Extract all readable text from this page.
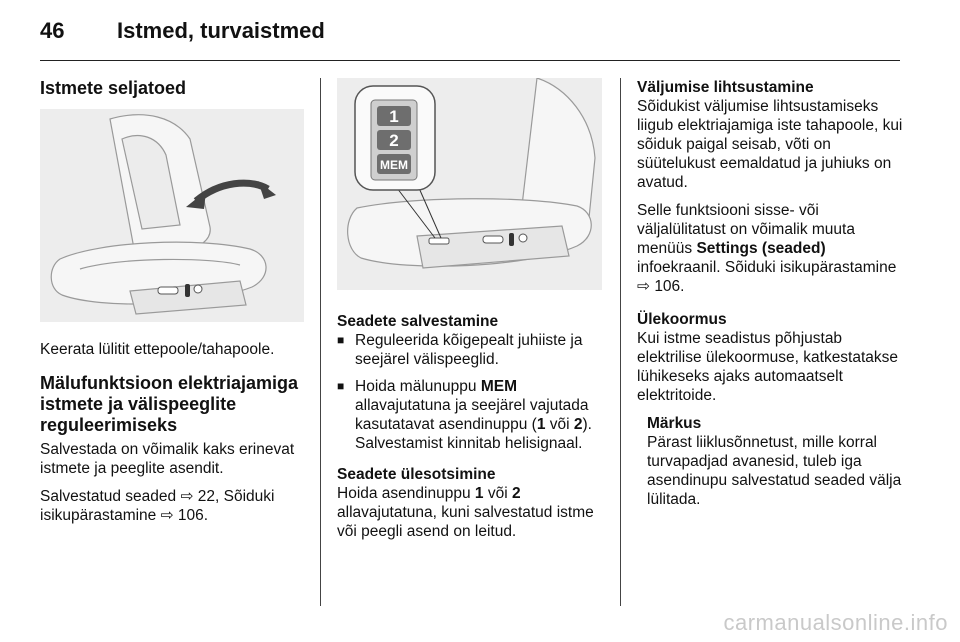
46 Istmed, turvaistmed
Istmete seljatoed

Keerata lülitit ettepoole/tahapoole.

Mälufunktsioon elektriajamiga istmete ja välispeeglite reguleerimiseks

Salvestada on võimalik kaks erinevat istmete ja peeglite asendit.

Salvestatud seaded ⇨ 22, Sõiduki isikupärastamine ⇨ 106.

1
2
MEM
Seadete salvestamine
■ Reguleerida kõigepealt juhiiste ja seejärel välispeeglid.
■ Hoida mälunuppu MEM allavajutatuna ja seejärel vajutada kasutatavat asendinuppu (1 või 2). Salvestamist kinnitab helisignaal.
Seadete ülesotsimine

Hoida asendinuppu 1 või 2 allavajutatuna, kuni salvestatud istme või peegli asend on leitud.

Väljumise lihtsustamine

Sõidukist väljumise lihtsustamiseks liigub elektriajamiga iste tahapoole, kui sõiduk paigal seisab, võti on süütelukust eemaldatud ja juhiuks on avatud.

Selle funktsiooni sisse- või väljalülitatust on võimalik muuta menüüs Settings (seaded) infoekraanil. Sõiduki isikupärastamine ⇨ 106.

Ülekoormus

Kui istme seadistus põhjustab elektrilise ülekoormuse, katkestatakse lühikeseks ajaks automaatselt elektritoide.

Märkus

Pärast liiklusõnnetust, mille korral turvapadjad avanesid, tuleb iga asendinupu salvestatud seaded välja lülitada.

carmanualsonline.info
